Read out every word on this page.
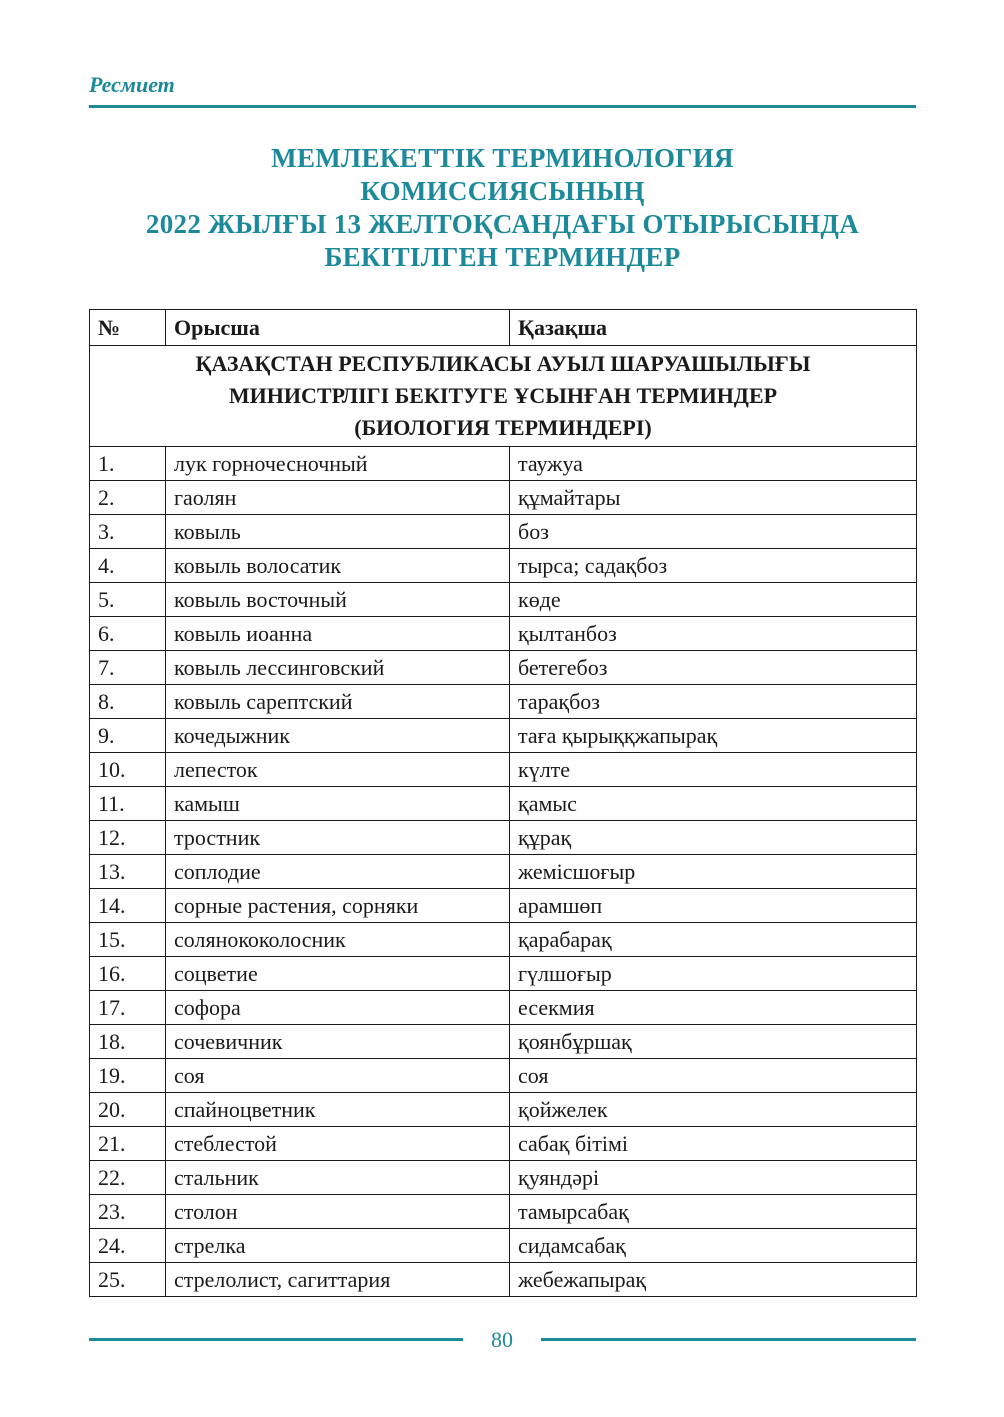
Ресмиет
МЕМЛЕКЕТТІК ТЕРМИНОЛОГИЯ
КОМИССИЯСЫНЫҢ
2022 ЖЫЛҒЫ 13 ЖЕЛТОҚСАНДАҒЫ ОТЫРЫСЫНДА
БЕКІТІЛГЕН ТЕРМИНДЕР
№	Орысша	Қазақша

ҚАЗАҚСТАН РЕСПУБЛИКАСЫ АУЫЛ ШАРУАШЫЛЫҒЫ
МИНИСТРЛІГІ БЕКІТУГЕ ҰСЫНҒАН ТЕРМИНДЕР
(БИОЛОГИЯ ТЕРМИНДЕРІ)		

1.	лук горночесночный	таужуа
2.	гаолян	құмайтары
3.	ковыль	боз
4.	ковыль волосатик	тырса; садақбоз
5.	ковыль восточный	көде
6.	ковыль иоанна	қылтанбоз
7.	ковыль лессинговский	бетегебоз
8.	ковыль сарептский	тарақбоз
9.	кочедыжник	таға қырыққжапырақ
10.	лепесток	күлте
11.	камыш	қамыс
12.	тростник	құрақ
13.	соплодие	жемісшоғыр
14.	сорные растения, сорняки	арамшөп
15.	солянококолосник	қарабарақ
16.	соцветие	гүлшоғыр
17.	софора	есекмия
18.	сочевичник	қоянбұршақ
19.	соя	соя
20.	спайноцветник	қойжелек
21.	стеблестой	сабақ бітімі
22.	стальник	қуяндәрі
23.	столон	тамырсабақ
24.	стрелка	сидамсабақ
25.	стрелолист, сагиттария	жебежапырақ
80
